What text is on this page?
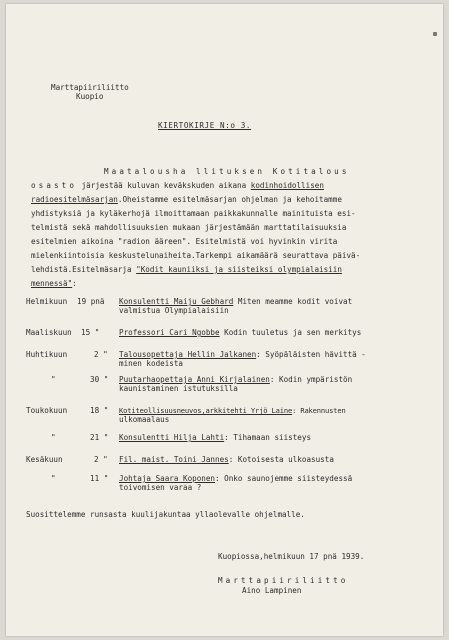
Marttapiiriliitto
Kuopio
KIERTOKIRJE N:o 3.
Maatalousha llituksen Kotitalous
osasto järjestää kuluvan keväkskuden aikana kodinhoidollisen
radioesitelmäsarjan.Oheistamme esitelmäsarjan ohjelman ja kehoitamme
yhdistyksiä ja kyläkerhojä ilmoittamaan paikkakunnalle mainituista esi-
telmistä sekä mahdollisuuksien mukaan järjestämään marttatilaisuuksia
esitelmien aikoina "radion ääreen". Esitelmistä voi hyvinkin virita
mielenkiintoisia keskustelunaiheita.Tarkempi aikamäärä seurattava päivä-
lehdistä.Esitelmäsarja "Kodit kauniiksi ja siisteiksi olympialaisiin
mennessä":
Helmikuun 19 pnä Konsulentti Maiju Gebhard Miten meamme kodit voivat
valmistua Olympialaisiin
Maaliskuun 15 "	Professori Cari Ngobbe Kodin tuuletus ja sen merkitys
Huhtikuun	2 " Talousopettaja Hellin Jalkanen: Syöpäläisten hävittä -
minen kodeista
"	30 " Puutarhaopettaja Anni Kirjalainen: Kodin ympäristön
kaunistaminen istutuksilla
Toukokuun	18 " Kotiteollisuusneuvos,arkkitehti Yrjö Laine: Rakennusten
ulkomaalaus
"	21 " Konsulentti Hilja Lahti: Tihamaan siisteys
Kesäkuun	2 " Fil. maist. Toini Jannes: Kotoisesta ulkoasusta
"	11 " Johtaja Saara Koponen: Onko saunojemme siisteydessä
toivomisen varaa ?
Suosittelemme runsasta kuulijakuntaa yllaolevalle ohjelmalle.
Kuopiossa,helmikuun 17 pnä 1939.
Marttapiiriliitto
Aino Lampinen
